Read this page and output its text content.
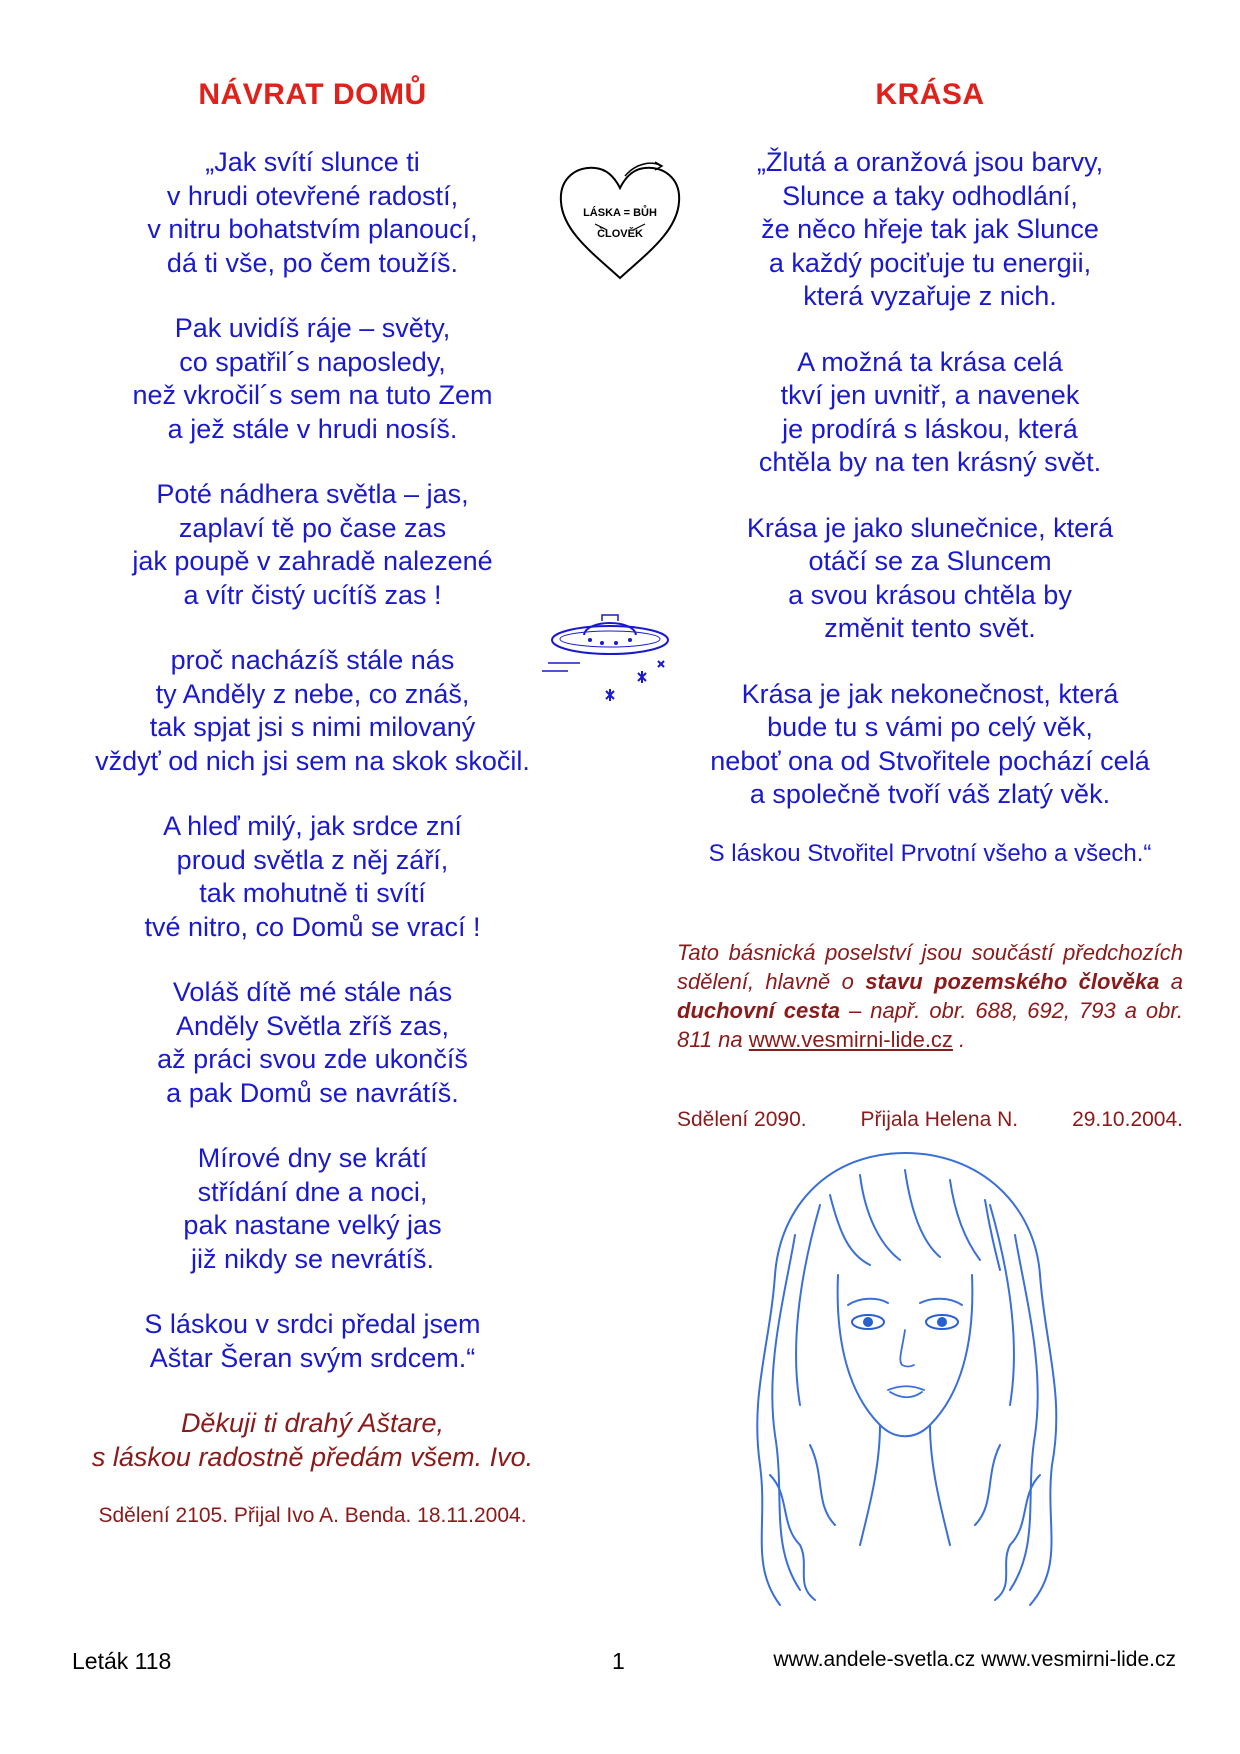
NÁVRAT DOMŮ
„Jak svítí slunce ti
v hrudi otevřené radostí,
v nitru bohatstvím planoucí,
dá ti vše, po čem toužíš.
Pak uvidíš ráje – světy,
co spatřil´s naposledy,
než vkročil´s sem na tuto Zem
a jež stále v hrudi nosíš.
Poté nádhera světla – jas,
zaplaví tě po čase zas
jak poupě v zahradě nalezené
a vítr čistý ucítíš zas !
proč nacházíš stále nás
ty Anděly z nebe, co znáš,
tak spjat jsi s nimi milovaný
vždyť od nich jsi sem na skok skočil.
A hleď milý, jak srdce zní
proud světla z něj září,
tak mohutně ti svítí
tvé nitro, co Domů se vrací !
Voláš dítě mé stále nás
Anděly Světla zříš zas,
až práci svou zde ukončíš
a pak Domů se navrátíš.
Mírové dny se krátí
střídání dne a noci,
pak nastane velký jas
již nikdy se nevrátíš.
S láskou v srdci předal jsem
Aštar Šeran svým srdcem.“
Děkuji ti drahý Aštare,
s láskou radostně předám všem. Ivo.
Sdělení 2105. Přijal Ivo A. Benda. 18.11.2004.
LÁSKA = BŮH
ČLOVĚK
KRÁSA
„Žlutá a oranžová jsou barvy,
Slunce a taky odhodlání,
že něco hřeje tak jak Slunce
a každý pociťuje tu energii,
která vyzařuje z nich.
A možná ta krása celá
tkví jen uvnitř, a navenek
je prodírá s láskou, která
chtěla by na ten krásný svět.
Krása je jako slunečnice, která
otáčí se za Sluncem
a svou krásou chtěla by
změnit tento svět.
Krása je jak nekonečnost, která
bude tu s vámi po celý věk,
neboť ona od Stvořitele pochází celá
a společně tvoří váš zlatý věk.
S láskou Stvořitel Prvotní všeho a všech.“
Tato básnická poselství jsou součástí předchozích sdělení, hlavně o stavu pozemského člověka a duchovní cesta – např. obr. 688, 692, 793 a obr. 811 na www.vesmirni-lide.cz .
Sdělení 2090.	Přijala Helena N.	29.10.2004.
Leták 118	1	www.andele-svetla.cz www.vesmirni-lide.cz
